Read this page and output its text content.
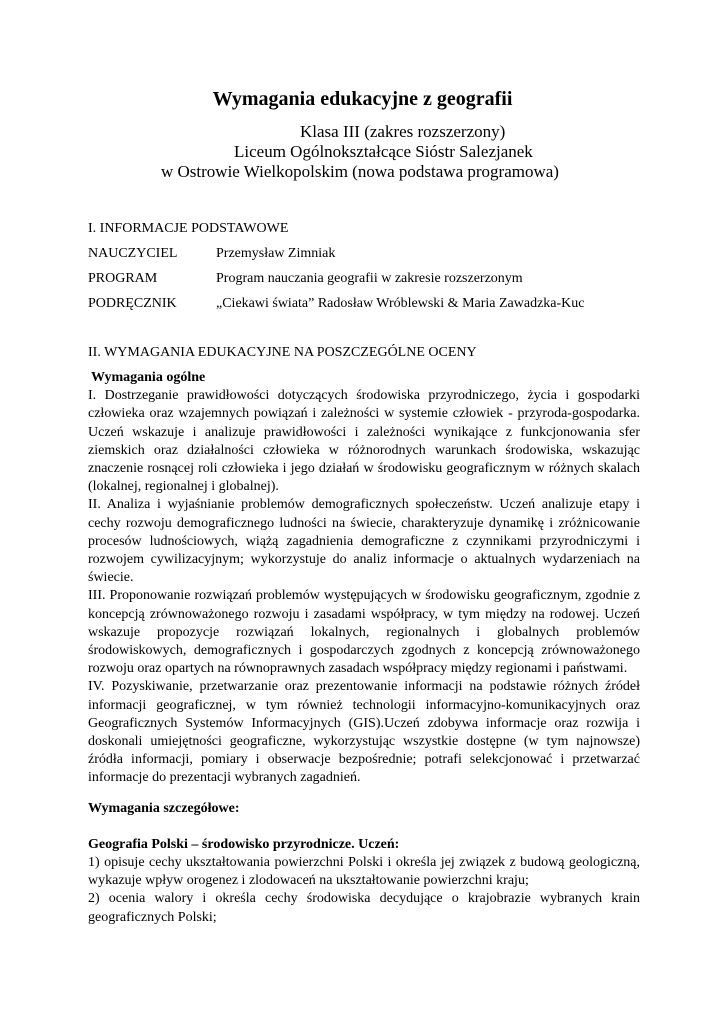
Wymagania edukacyjne z geografii
Klasa III (zakres rozszerzony)
Liceum Ogólnokształcące Sióstr Salezjanek
w Ostrowie Wielkopolskim (nowa podstawa programowa)
I. INFORMACJE PODSTAWOWE
NAUCZYCIEL	Przemysław Zimniak
PROGRAM	Program nauczania geografii w zakresie rozszerzonym
PODRĘCZNIK	„Ciekawi świata” Radosław Wróblewski & Maria Zawadzka-Kuc
II. WYMAGANIA EDUKACYJNE NA POSZCZEGÓLNE OCENY

Wymagania ogólne

I. Dostrzeganie prawidłowości dotyczących środowiska przyrodniczego, życia i gospodarki człowieka oraz wzajemnych powiązań i zależności w systemie człowiek - przyroda-gospodarka. Uczeń wskazuje i analizuje prawidłowości i zależności wynikające z funkcjonowania sfer ziemskich oraz działalności człowieka w różnorodnych warunkach środowiska, wskazując znaczenie rosnącej roli człowieka i jego działań w środowisku geograficznym w różnych skalach (lokalnej, regionalnej i globalnej).

II. Analiza i wyjaśnianie problemów demograficznych społeczeństw. Uczeń analizuje etapy i cechy rozwoju demograficznego ludności na świecie, charakteryzuje dynamikę i zróżnicowanie procesów ludnościowych, wiążą zagadnienia demograficzne z czynnikami przyrodniczymi i rozwojem cywilizacyjnym; wykorzystuje do analiz informacje o aktualnych wydarzeniach na świecie.

III. Proponowanie rozwiązań problemów występujących w środowisku geograficznym, zgodnie z koncepcją zrównoważonego rozwoju i zasadami współpracy, w tym między na rodowej. Uczeń wskazuje propozycje rozwiązań lokalnych, regionalnych i globalnych problemów środowiskowych, demograficznych i gospodarczych zgodnych z koncepcją zrównoważonego rozwoju oraz opartych na równoprawnych zasadach współpracy między regionami i państwami.

IV. Pozyskiwanie, przetwarzanie oraz prezentowanie informacji na podstawie różnych źródeł informacji geograficznej, w tym również technologii informacyjno-komunikacyjnych oraz Geograficznych Systemów Informacyjnych (GIS).Uczeń zdobywa informacje oraz rozwija i doskonali umiejętności geograficzne, wykorzystując wszystkie dostępne (w tym najnowsze) źródła informacji, pomiary i obserwacje bezpośrednie; potrafi selekcjonować i przetwarzać informacje do prezentacji wybranych zagadnień.

Wymagania szczegółowe:

Geografia Polski – środowisko przyrodnicze. Uczeń:

1) opisuje cechy ukształtowania powierzchni Polski i określa jej związek z budową geologiczną, wykazuje wpływ orogenez i zlodowaceń na ukształtowanie powierzchni kraju;

2) ocenia walory i określa cechy środowiska decydujące o krajobrazie wybranych krain geograficznych Polski;
